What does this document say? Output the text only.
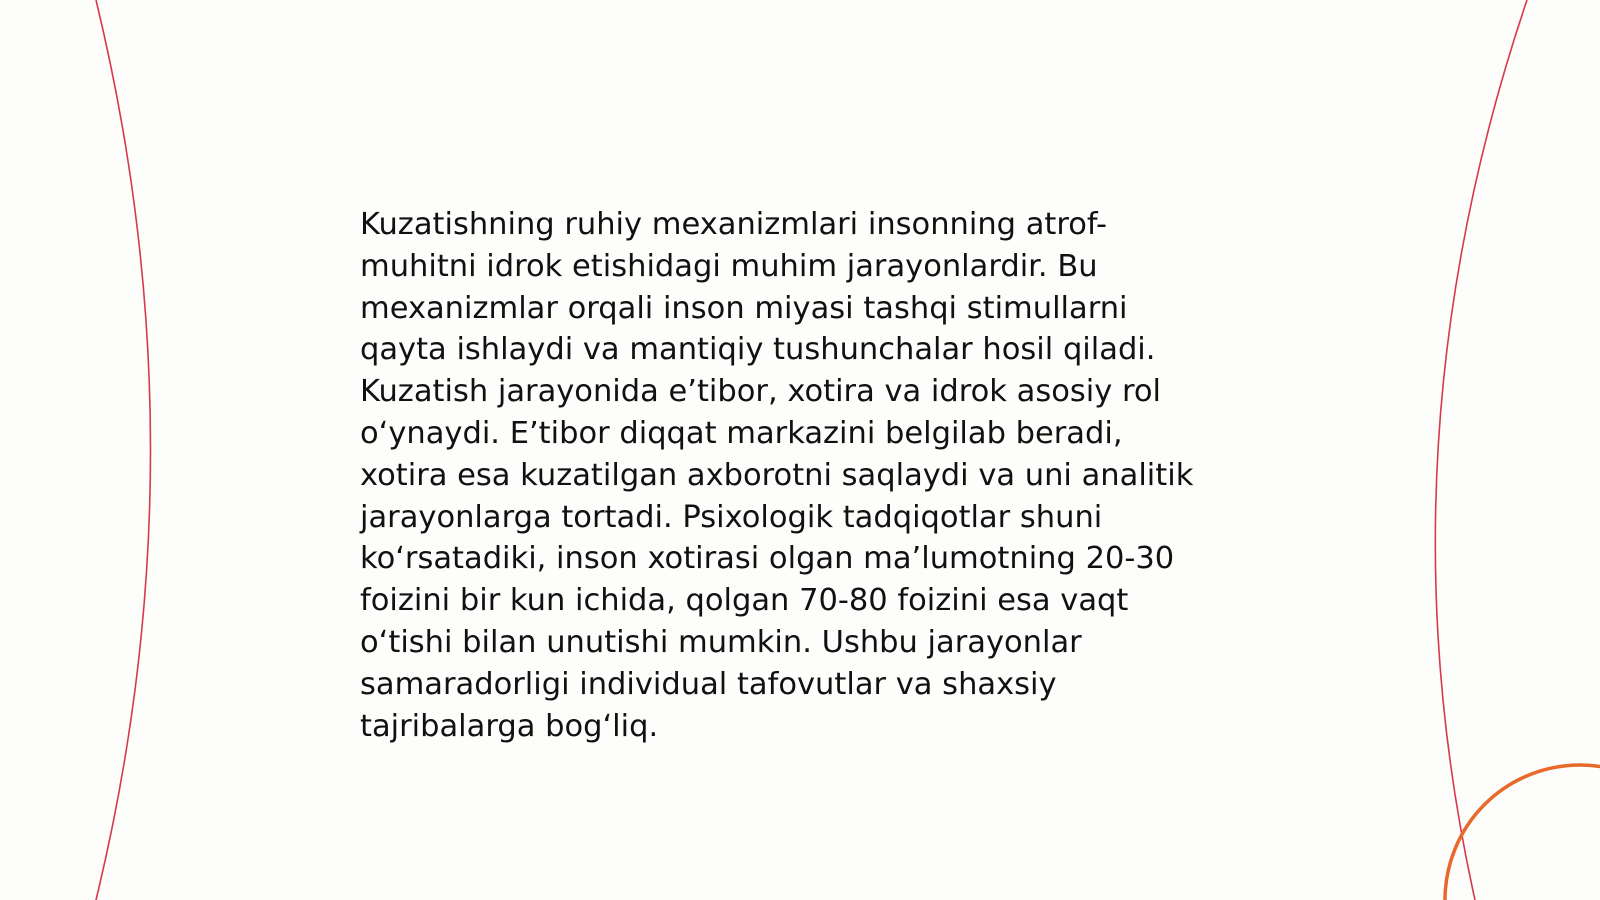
Kuzatishning ruhiy mexanizmlari insonning atrof-
muhitni idrok etishidagi muhim jarayonlardir. Bu
mexanizmlar orqali inson miyasi tashqi stimullarni
qayta ishlaydi va mantiqiy tushunchalar hosil qiladi.
Kuzatish jarayonida e’tibor, xotira va idrok asosiy rol
o‘ynaydi. E’tibor diqqat markazini belgilab beradi,
xotira esa kuzatilgan axborotni saqlaydi va uni analitik
jarayonlarga tortadi. Psixologik tadqiqotlar shuni
ko‘rsatadiki, inson xotirasi olgan ma’lumotning 20-30
foizini bir kun ichida, qolgan 70-80 foizini esa vaqt
o‘tishi bilan unutishi mumkin. Ushbu jarayonlar
samaradorligi individual tafovutlar va shaxsiy
tajribalarga bog‘liq.
